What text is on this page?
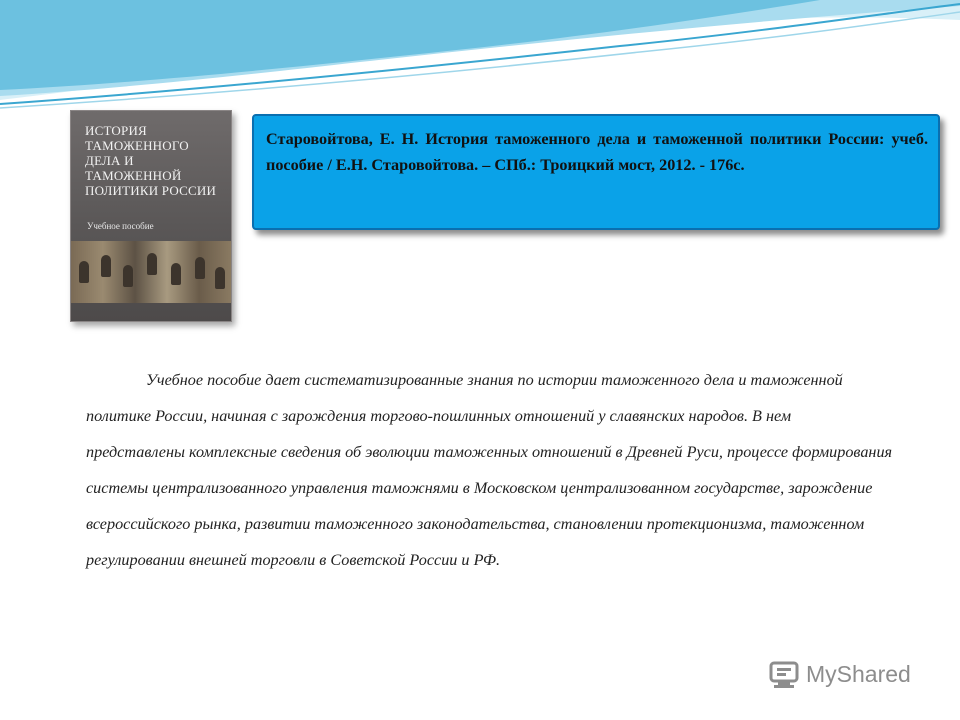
ИСТОРИЯ ТАМОЖЕННОГО ДЕЛА И ТАМОЖЕННОЙ ПОЛИТИКИ РОССИИ
Учебное пособие

Старовойтова, Е. Н. История таможенного дела и таможенной политики России: учеб. пособие / Е.Н. Старовойтова. – СПб.: Троицкий мост, 2012. - 176с.

Учебное пособие дает систематизированные знания по истории таможенного дела и таможенной политике России, начиная с зарождения торгово-пошлинных отношений у славянских народов. В нем представлены комплексные сведения об эволюции таможенных отношений в Древней Руси, процессе формирования системы централизованного управления таможнями в Московском централизованном государстве, зарождение всероссийского рынка, развитии таможенного законодательства, становлении протекционизма, таможенном регулировании внешней торговли в Советской России и РФ.

MyShared
